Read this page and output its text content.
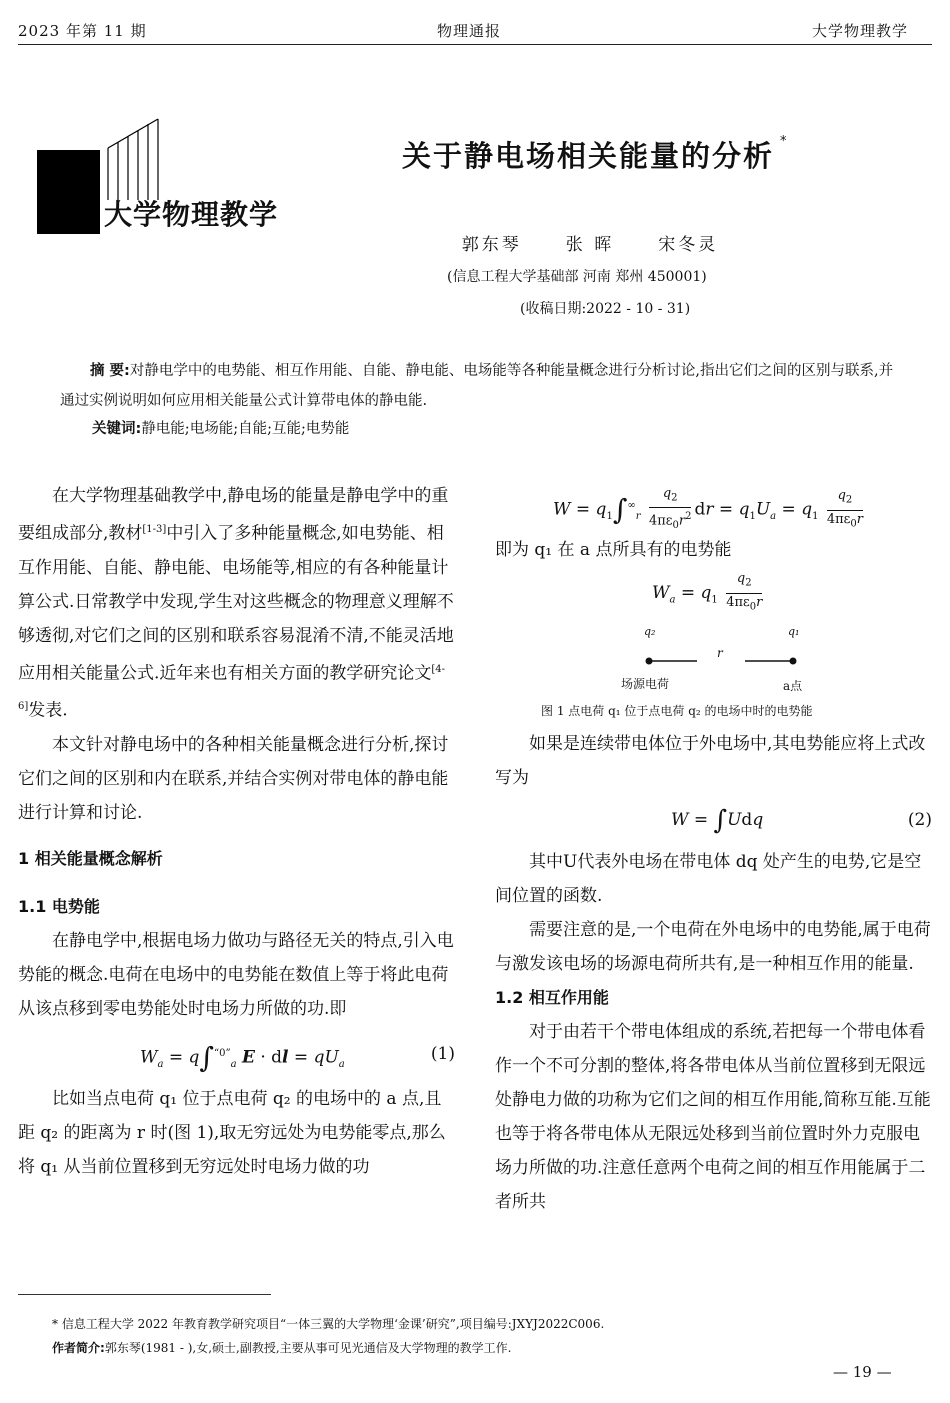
2023 年第 11 期	物理通报	大学物理教学
大学物理教学
关于静电场相关能量的分析 *
郭东琴	张 晖	宋冬灵
(信息工程大学基础部 河南 郑州 450001)
(收稿日期:2022 - 10 - 31)
摘 要:对静电学中的电势能、相互作用能、自能、静电能、电场能等各种能量概念进行分析讨论,指出它们之间的区别与联系,并通过实例说明如何应用相关能量公式计算带电体的静电能.
关键词:静电能;电场能;自能;互能;电势能

在大学物理基础教学中,静电场的能量是静电学中的重要组成部分,教材[1-3]中引入了多种能量概念,如电势能、相互作用能、自能、静电能、电场能等,相应的有各种能量计算公式.日常教学中发现,学生对这些概念的物理意义理解不够透彻,对它们之间的区别和联系容易混淆不清,不能灵活地应用相关能量公式.近年来也有相关方面的教学研究论文[4-6]发表.

本文针对静电场中的各种相关能量概念进行分析,探讨它们之间的区别和内在联系,并结合实例对带电体的静电能进行计算和讨论.

1 相关能量概念解析

1.1 电势能

在静电学中,根据电场力做功与路径无关的特点,引入电势能的概念.电荷在电场中的电势能在数值上等于将此电荷从该点移到零电势能处时电场力所做的功.即

$W_a = q\int^{“0”}_a$ E · dl = $qU_a$
(1)

比如当点电荷 q₁ 位于点电荷 q₂ 的电场中的 a 点,且距 q₂ 的距离为 r 时(图 1),取无穷远处为电势能零点,那么将 q₁ 从当前位置移到无穷远处时电场力做的功

$W = q_1\int^\infty_r \frac{q_2}{4\pi\varepsilon_0r^2}$ dr = $q_1U_a = q_1 \frac{q_2}{4\pi\varepsilon_0r}$

即为 q₁ 在 a 点所具有的电势能

$W_a = q_1 \frac{q_2}{4\pi\varepsilon_0r}$
q₂	q₁
r
场源电荷	a点
图 1 点电荷 q₁ 位于点电荷 q₂ 的电场中时的电势能

如果是连续带电体位于外电场中,其电势能应将上式改写为

W = ∫Udq	(2)

其中U代表外电场在带电体 dq 处产生的电势,它是空间位置的函数.

需要注意的是,一个电荷在外电场中的电势能,属于电荷与激发该电场的场源电荷所共有,是一种相互作用的能量.

1.2 相互作用能

对于由若干个带电体组成的系统,若把每一个带电体看作一个不可分割的整体,将各带电体从当前位置移到无限远处静电力做的功称为它们之间的相互作用能,简称互能.互能也等于将各带电体从无限远处移到当前位置时外力克服电场力所做的功.注意任意两个电荷之间的相互作用能属于二者所共

* 信息工程大学 2022 年教育教学研究项目“一体三翼的大学物理‘金课’研究”,项目编号:JXYJ2022C006.
作者简介:郭东琴(1981 - ),女,硕士,副教授,主要从事可见光通信及大学物理的教学工作.
— 19 —
